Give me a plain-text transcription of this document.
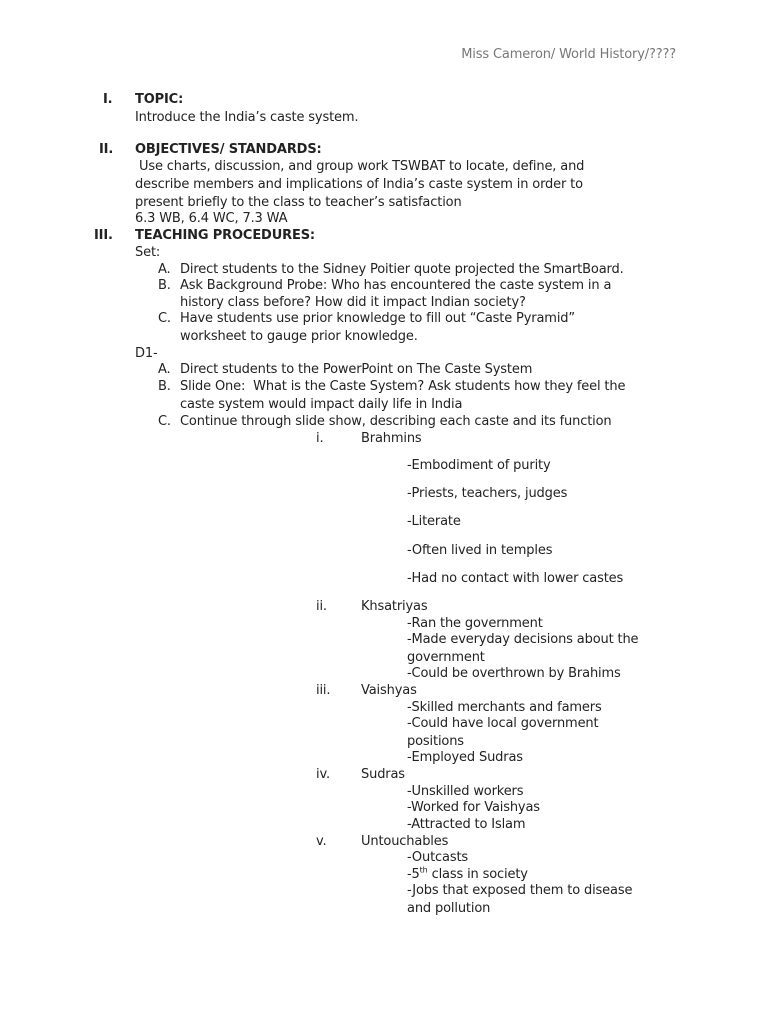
Miss Cameron/ World History/????
I. TOPIC:
Introduce the India’s caste system.
II. OBJECTIVES/ STANDARDS:
Use charts, discussion, and group work TSWBAT to locate, define, and
describe members and implications of India’s caste system in order to
present briefly to the class to teacher’s satisfaction
6.3 WB, 6.4 WC, 7.3 WA
III. TEACHING PROCEDURES:
Set:
A. Direct students to the Sidney Poitier quote projected the SmartBoard.
B. Ask Background Probe: Who has encountered the caste system in a
history class before? How did it impact Indian society?
C. Have students use prior knowledge to fill out “Caste Pyramid”
worksheet to gauge prior knowledge.
D1-
A. Direct students to the PowerPoint on The Caste System
B. Slide One:  What is the Caste System? Ask students how they feel the
caste system would impact daily life in India
C. Continue through slide show, describing each caste and its function
i.	Brahmins
-Embodiment of purity
-Priests, teachers, judges
-Literate
-Often lived in temples
-Had no contact with lower castes
ii.	Khsatriyas
-Ran the government
-Made everyday decisions about the
government
-Could be overthrown by Brahims
iii. Vaishyas
-Skilled merchants and famers
-Could have local government
positions
-Employed Sudras
iv. Sudras
-Unskilled workers
-Worked for Vaishyas
-Attracted to Islam
v.	Untouchables
-Outcasts
-5th class in society
-Jobs that exposed them to disease
and pollution
